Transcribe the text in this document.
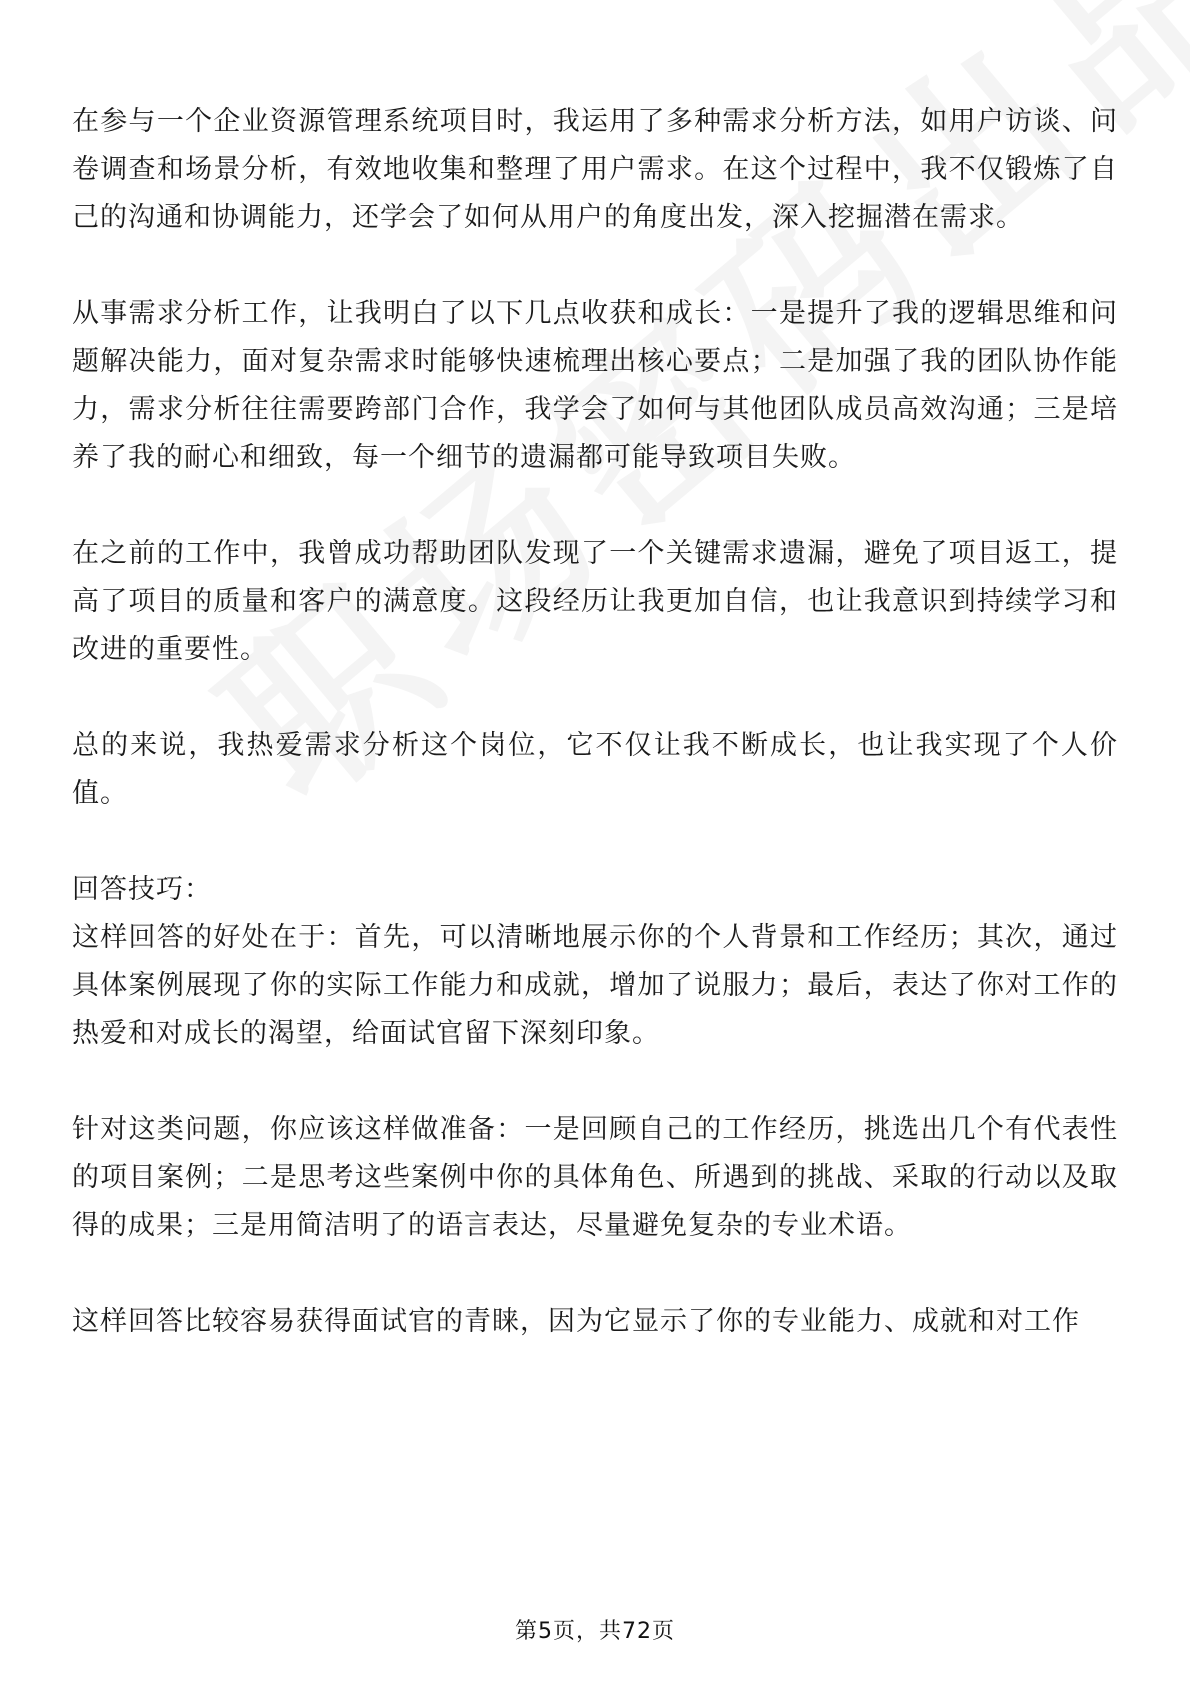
在参与一个企业资源管理系统项目时，我运用了多种需求分析方法，如用户访谈、问卷调查和场景分析，有效地收集和整理了用户需求。在这个过程中，我不仅锻炼了自己的沟通和协调能力，还学会了如何从用户的角度出发，深入挖掘潜在需求。

从事需求分析工作，让我明白了以下几点收获和成长：一是提升了我的逻辑思维和问题解决能力，面对复杂需求时能够快速梳理出核心要点；二是加强了我的团队协作能力，需求分析往往需要跨部门合作，我学会了如何与其他团队成员高效沟通；三是培养了我的耐心和细致，每一个细节的遗漏都可能导致项目失败。

在之前的工作中，我曾成功帮助团队发现了一个关键需求遗漏，避免了项目返工，提高了项目的质量和客户的满意度。这段经历让我更加自信，也让我意识到持续学习和改进的重要性。

总的来说，我热爱需求分析这个岗位，它不仅让我不断成长，也让我实现了个人价值。

回答技巧：

这样回答的好处在于：首先，可以清晰地展示你的个人背景和工作经历；其次，通过具体案例展现了你的实际工作能力和成就，增加了说服力；最后，表达了你对工作的热爱和对成长的渴望，给面试官留下深刻印象。

针对这类问题，你应该这样做准备：一是回顾自己的工作经历，挑选出几个有代表性的项目案例；二是思考这些案例中你的具体角色、所遇到的挑战、采取的行动以及取得的成果；三是用简洁明了的语言表达，尽量避免复杂的专业术语。

这样回答比较容易获得面试官的青睐，因为它显示了你的专业能力、成就和对工作

第5页，共72页
